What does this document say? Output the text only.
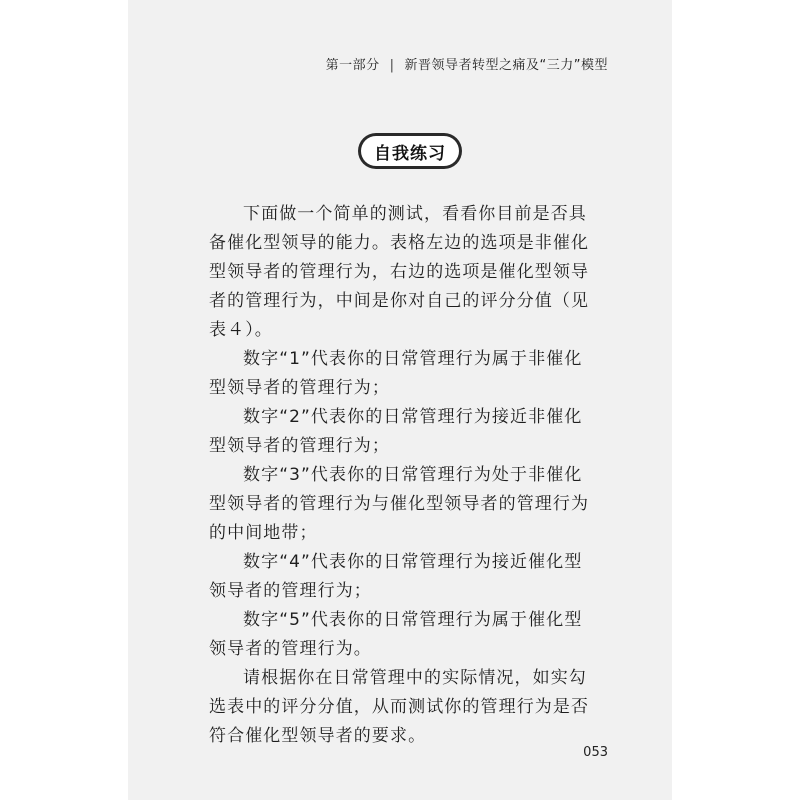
第一部分 | 新晋领导者转型之痛及“三力”模型
自我练习

下面做一个简单的测试，看看你目前是否具备催化型领导的能力。表格左边的选项是非催化型领导者的管理行为，右边的选项是催化型领导者的管理行为，中间是你对自己的评分分值（见表４）。

数字“1”代表你的日常管理行为属于非催化型领导者的管理行为；

数字“2”代表你的日常管理行为接近非催化型领导者的管理行为；

数字“3”代表你的日常管理行为处于非催化型领导者的管理行为与催化型领导者的管理行为的中间地带；

数字“4”代表你的日常管理行为接近催化型领导者的管理行为；

数字“5”代表你的日常管理行为属于催化型领导者的管理行为。

请根据你在日常管理中的实际情况，如实勾选表中的评分分值，从而测试你的管理行为是否符合催化型领导者的要求。

053
